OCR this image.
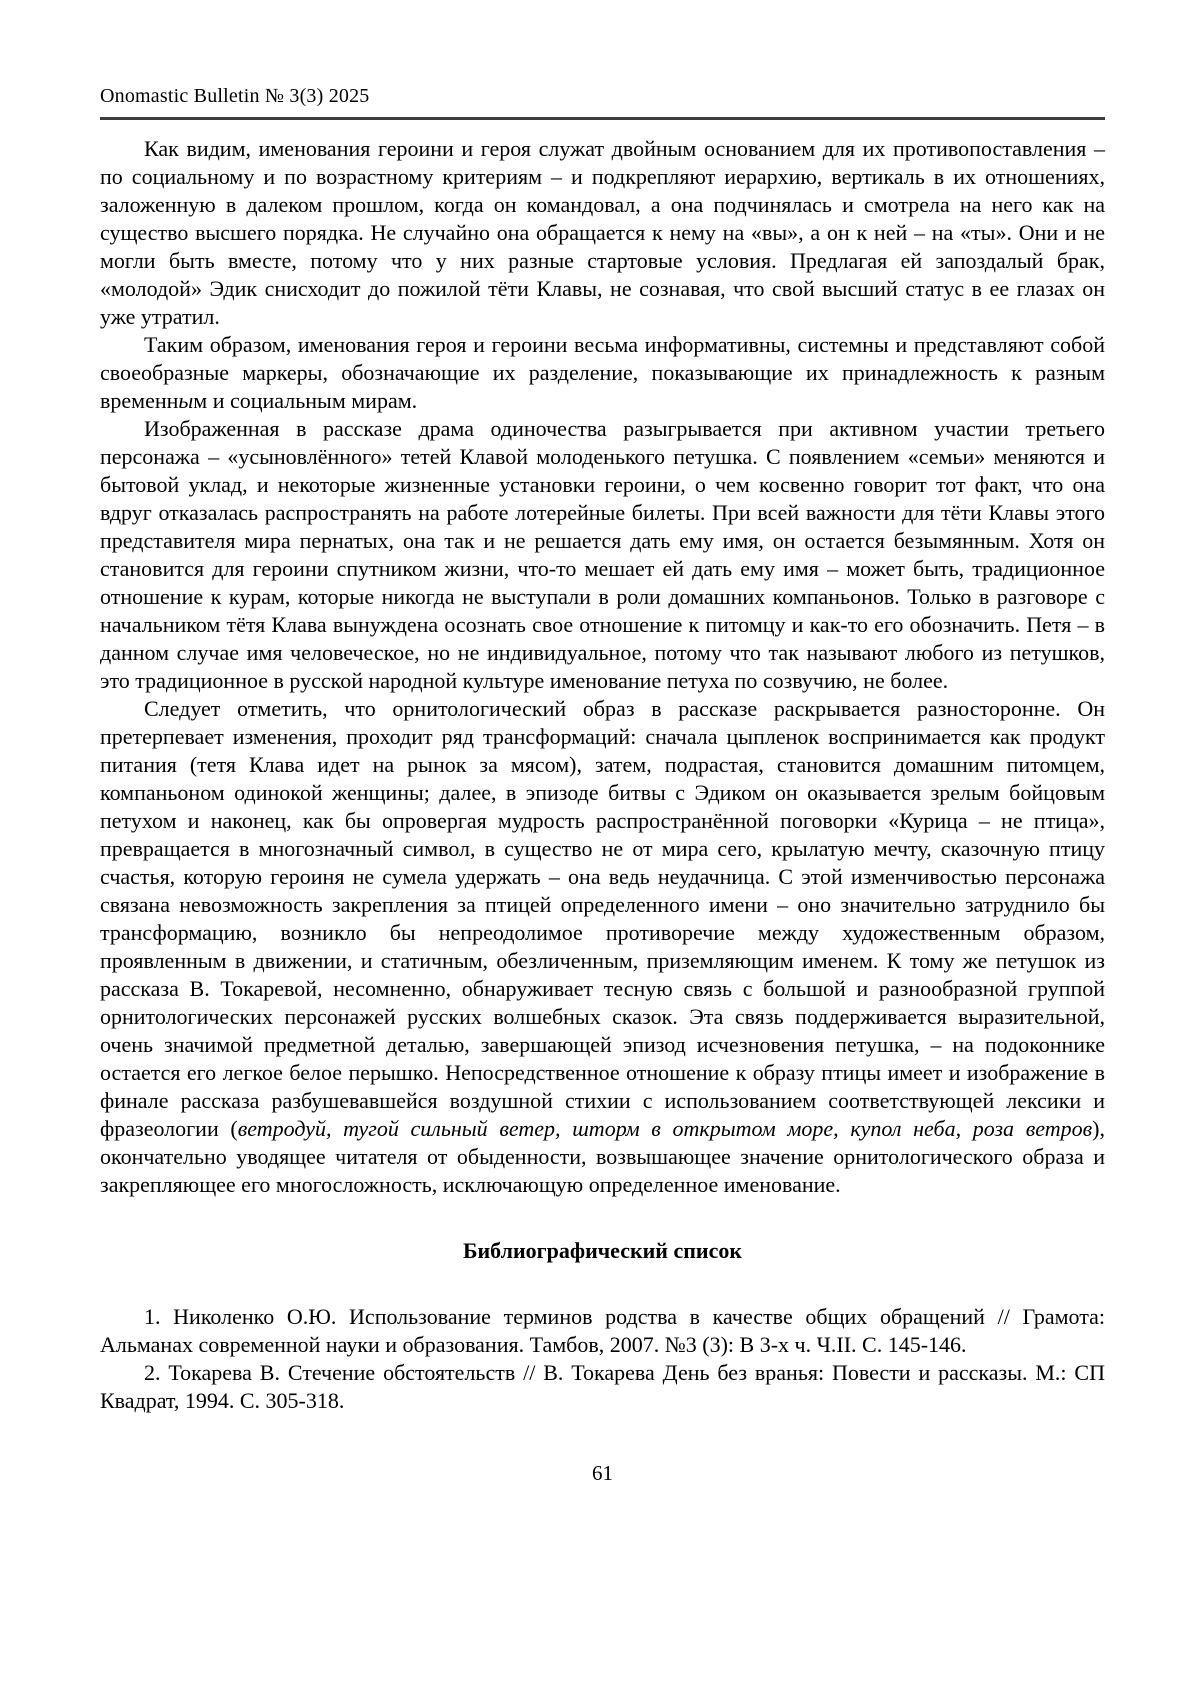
Onomastic Bulletin № 3(3) 2025

Как видим, именования героини и героя служат двойным основанием для их противопоставления – по социальному и по возрастному критериям – и подкрепляют иерархию, вертикаль в их отношениях, заложенную в далеком прошлом, когда он командовал, а она подчинялась и смотрела на него как на существо высшего порядка. Не случайно она обращается к нему на «вы», а он к ней – на «ты». Они и не могли быть вместе, потому что у них разные стартовые условия. Предлагая ей запоздалый брак, «молодой» Эдик снисходит до пожилой тёти Клавы, не сознавая, что свой высший статус в ее глазах он уже утратил.

Таким образом, именования героя и героини весьма информативны, системны и представляют собой своеобразные маркеры, обозначающие их разделение, показывающие их принадлежность к разным временным и социальным мирам.

Изображенная в рассказе драма одиночества разыгрывается при активном участии третьего персонажа – «усыновлённого» тетей Клавой молоденького петушка. С появлением «семьи» меняются и бытовой уклад, и некоторые жизненные установки героини, о чем косвенно говорит тот факт, что она вдруг отказалась распространять на работе лотерейные билеты. При всей важности для тёти Клавы этого представителя мира пернатых, она так и не решается дать ему имя, он остается безымянным. Хотя он становится для героини спутником жизни, что-то мешает ей дать ему имя – может быть, традиционное отношение к курам, которые никогда не выступали в роли домашних компаньонов. Только в разговоре с начальником тётя Клава вынуждена осознать свое отношение к питомцу и как-то его обозначить. Петя – в данном случае имя человеческое, но не индивидуальное, потому что так называют любого из петушков, это традиционное в русской народной культуре именование петуха по созвучию, не более.

Следует отметить, что орнитологический образ в рассказе раскрывается разносторонне. Он претерпевает изменения, проходит ряд трансформаций: сначала цыпленок воспринимается как продукт питания (тетя Клава идет на рынок за мясом), затем, подрастая, становится домашним питомцем, компаньоном одинокой женщины; далее, в эпизоде битвы с Эдиком он оказывается зрелым бойцовым петухом и наконец, как бы опровергая мудрость распространённой поговорки «Курица – не птица», превращается в многозначный символ, в существо не от мира сего, крылатую мечту, сказочную птицу счастья, которую героиня не сумела удержать – она ведь неудачница. С этой изменчивостью персонажа связана невозможность закрепления за птицей определенного имени – оно значительно затруднило бы трансформацию, возникло бы непреодолимое противоречие между художественным образом, проявленным в движении, и статичным, обезличенным, приземляющим именем. К тому же петушок из рассказа В. Токаревой, несомненно, обнаруживает тесную связь с большой и разнообразной группой орнитологических персонажей русских волшебных сказок. Эта связь поддерживается выразительной, очень значимой предметной деталью, завершающей эпизод исчезновения петушка, – на подоконнике остается его легкое белое перышко. Непосредственное отношение к образу птицы имеет и изображение в финале рассказа разбушевавшейся воздушной стихии с использованием соответствующей лексики и фразеологии (ветродуй, тугой сильный ветер, шторм в открытом море, купол неба, роза ветров), окончательно уводящее читателя от обыденности, возвышающее значение орнитологического образа и закрепляющее его многосложность, исключающую определенное именование.

Библиографический список

1. Николенко О.Ю. Использование терминов родства в качестве общих обращений // Грамота: Альманах современной науки и образования. Тамбов, 2007. №3 (3): В 3-х ч. Ч.II. С. 145-146.

2. Токарева В. Стечение обстоятельств // В. Токарева День без вранья: Повести и рассказы. М.: СП Квадрат, 1994. С. 305-318.

61
